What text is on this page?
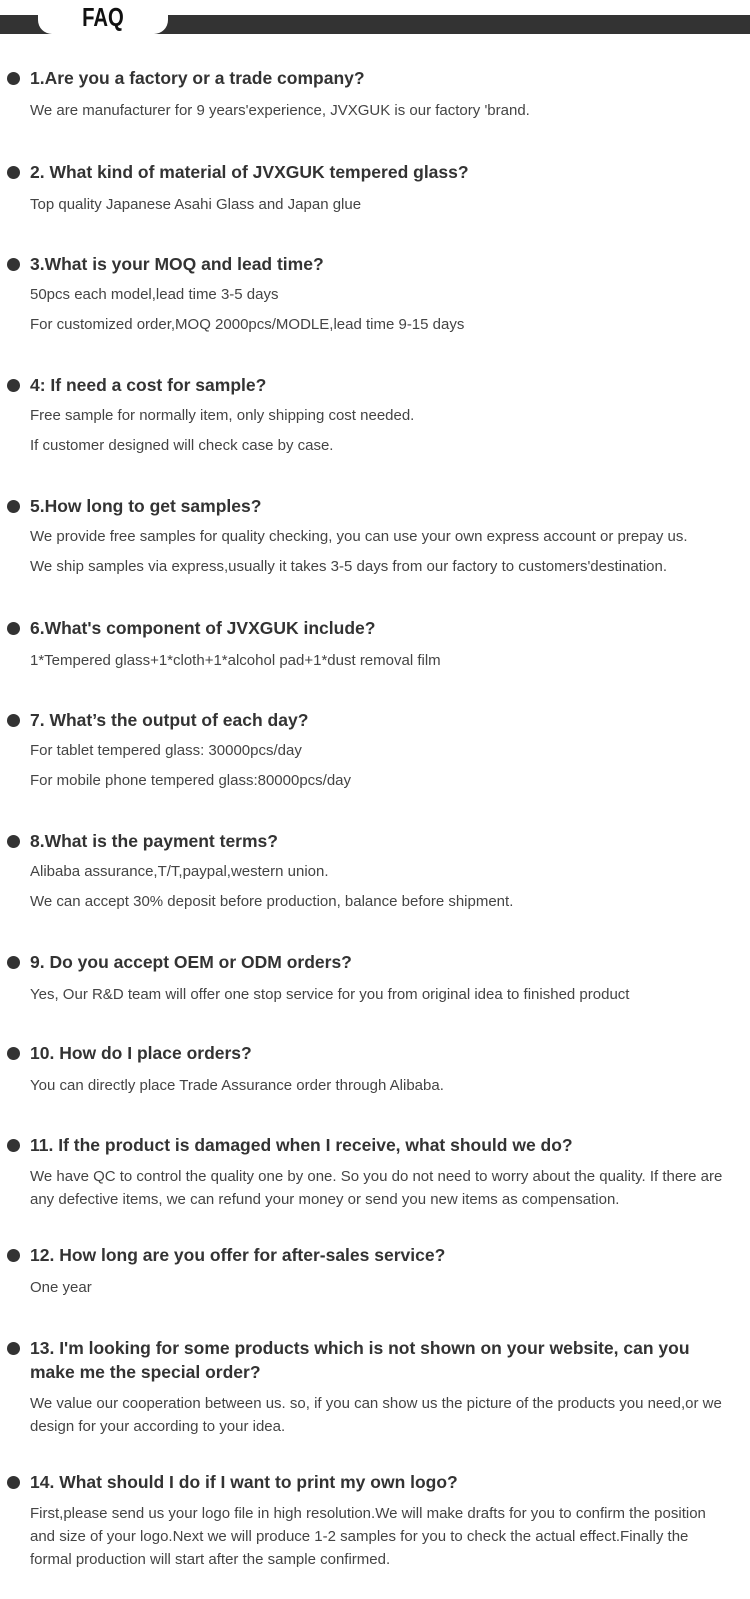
FAQ

1.Are you a factory or a trade company?

We are manufacturer for 9 years'experience, JVXGUK is our factory 'brand.

2. What kind of material of JVXGUK tempered glass?

Top quality Japanese Asahi Glass and Japan glue

3.What is your MOQ and lead time?

50pcs each model,lead time 3-5 days

For customized order,MOQ 2000pcs/MODLE,lead time 9-15 days

4: If need a cost for sample?

Free sample for normally item, only shipping cost needed.

If customer designed will check case by case.

5.How long to get samples?

We provide free samples for quality checking, you can use your own express account or prepay us.

We ship samples via express,usually it takes 3-5 days from our factory to customers'destination.

6.What's component of JVXGUK include?

1*Tempered glass+1*cloth+1*alcohol pad+1*dust removal film

7. What’s the output of each day?

For tablet tempered glass: 30000pcs/day

For mobile phone tempered glass:80000pcs/day

8.What is the payment terms?

Alibaba assurance,T/T,paypal,western union.

We can accept 30% deposit before production, balance before shipment.

9. Do you accept OEM or ODM orders?

Yes, Our R&D team will offer one stop service for you from original idea to finished product

10. How do I place orders?

You can directly place Trade Assurance order through Alibaba.

11. If the product is damaged when I receive, what should we do?

We have QC to control the quality one by one. So you do not need to worry about the quality. If there are any defective items, we can refund your money or send you new items as compensation.

12. How long are you offer for after-sales service?

One year

13. I'm looking for some products which is not shown on your website, can you make me the special order?

We value our cooperation between us. so, if you can show us the picture of the products you need,or we design for your according to your idea.

14. What should I do if I want to print my own logo?

First,please send us your logo file in high resolution.We will make drafts for you to confirm the position and size of your logo.Next we will produce 1-2 samples for you to check the actual effect.Finally the formal production will start after the sample confirmed.
